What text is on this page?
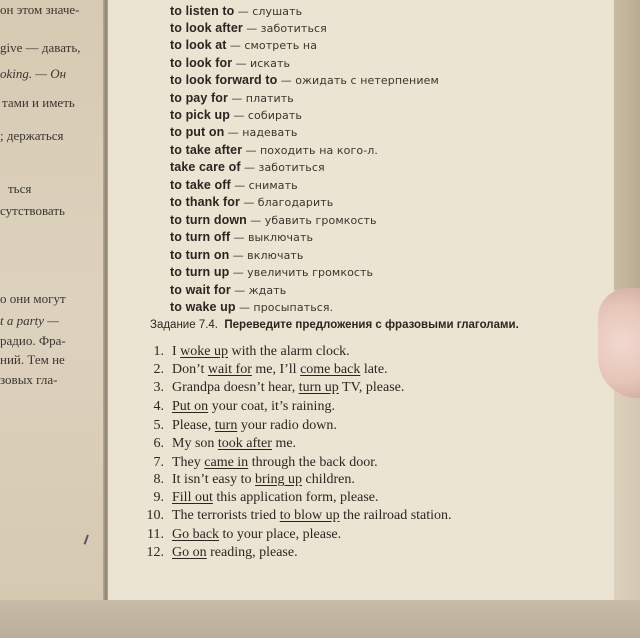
он этом значе-
give — давать,
oking. — Он
тами и иметь
; держаться
ться
сутствовать
о они могут
t a party —
радио. Фра-
ний. Тем не
зовых гла-
to listen to — слушать
to look after — заботиться
to look at — смотреть на
to look for — искать
to look forward to — ожидать с нетерпением
to pay for — платить
to pick up — собирать
to put on — надевать
to take after — походить на кого-л.
take care of — заботиться
to take off — снимать
to thank for — благодарить
to turn down — убавить громкость
to turn off — выключать
to turn on — включать
to turn up — увеличить громкость
to wait for — ждать
to wake up — просыпаться.
Задание 7.4. Переведите предложения с фразовыми глаголами.
1. I woke up with the alarm clock.
2. Don’t wait for me, I’ll come back late.
3. Grandpa doesn’t hear, turn up TV, please.
4. Put on your coat, it’s raining.
5. Please, turn your radio down.
6. My son took after me.
7. They came in through the back door.
8. It isn’t easy to bring up children.
9. Fill out this application form, please.
10. The terrorists tried to blow up the railroad station.
11. Go back to your place, please.
12. Go on reading, please.
